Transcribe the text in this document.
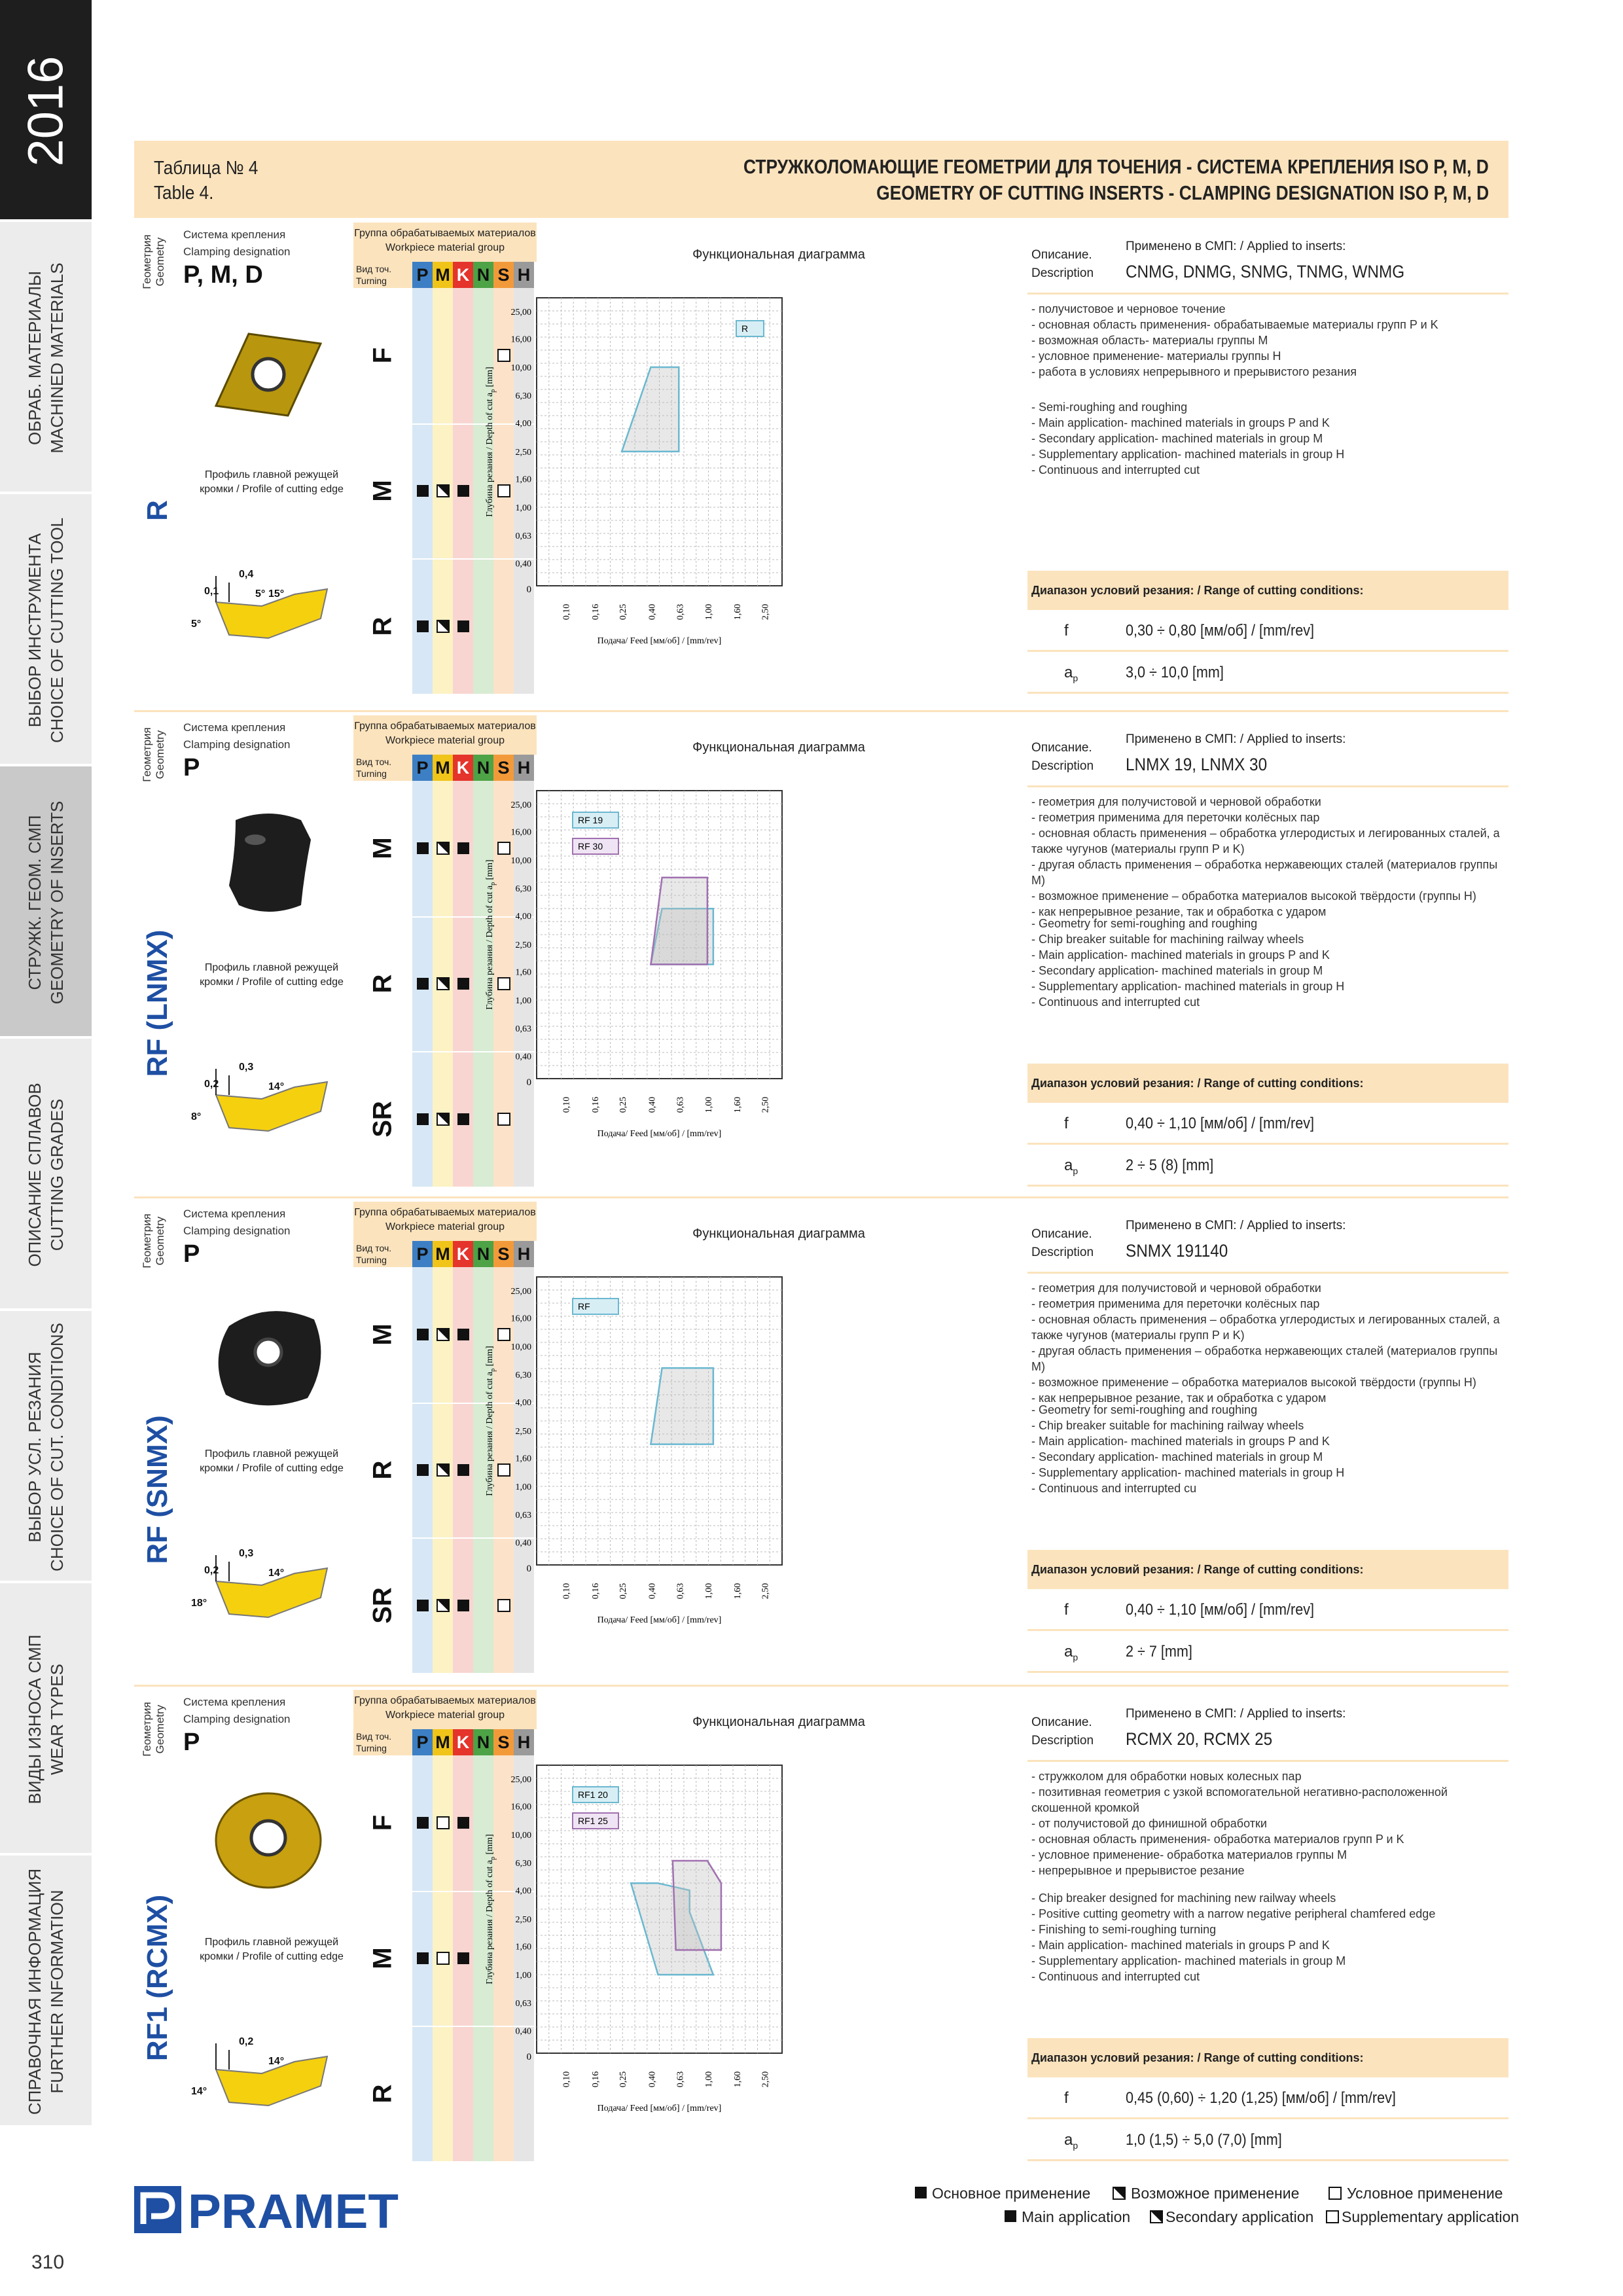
2016
ОБРАБ. МАТЕРИАЛЫ MACHINED MATERIALS
ВЫБОР ИНСТРУМЕНТА CHOICE OF CUTTING TOOL
СТРУЖК. ГЕОМ. СМП GEOMETRY OF INSERTS
ОПИСАНИЕ СПЛАВОВ CUTTING GRADES
ВЫБОР УСЛ. РЕЗАНИЯ CHOICE OF CUT. CONDITIONS
ВИДЫ ИЗНОСА СМП WEAR TYPES
СПРАВОЧНАЯ ИНФОРМАЦИЯ FURTHER INFORMATION
310
Таблица № 4
Table 4.
СТРУЖКОЛОМАЮЩИЕ ГЕОМЕТРИИ ДЛЯ ТОЧЕНИЯ - СИСТЕМА КРЕПЛЕНИЯ ISO P, M, D
GEOMETRY OF CUTTING INSERTS - CLAMPING DESIGNATION ISO P, M, D
Геометрия
Geometry
R
Система крепления
Clamping designation
P, M, D
Профиль главной режущей
кромки / Profile of cutting edge
0,4
0,1
5°
15°
5°
Группа обрабатываемых материалов
Workpiece material group
Вид точ.
Turning	P M K N S H
F
M
R
Функциональная диаграмма
0,10 0,16 0,25 0,40 0,63 1,00 1,60 2,50
0
25,00
16,00
10,00
6,30
4,00
2,50
1,60
1,00
0,63
0,40
Глубина резания / Depth of cut $a_p$ [mm]
Подача/ Feed [мм/об] / [mm/rev]
R
Описание.
Description
Применено в СМП: / Applied to inserts:
CNMG, DNMG, SNMG, TNMG, WNMG
- получистовое и черновое точение
- основная область применения- обрабатываемые материалы групп P и K
- возможная область- материалы группы M
- условное применение- материалы группы H
- работа в условиях непрерывного и прерывистого резания
- Semi-roughing and roughing
- Main application- machined materials in groups P and K
- Secondary application- machined materials in group M
- Supplementary application- machined materials in group H
- Continuous and interrupted cut
Диапазон условий резания: / Range of cutting conditions:
f	0,30 ÷ 0,80 [мм/об] / [mm/rev]
$a_p$	3,0 ÷ 10,0 [mm]
Геометрия
Geometry
RF (LNMX)
Система крепления
Clamping designation
P
Профиль главной режущей
кромки / Profile of cutting edge
0,3
0,2
8°
14°
Группа обрабатываемых материалов
Workpiece material group
Вид точ.
Turning	P M K N S H
M
R
SR
Функциональная диаграмма
0,10 0,16 0,25 0,40 0,63 1,00 1,60 2,50
0
25,00
16,00
10,00
6,30
4,00
2,50
1,60
1,00
0,63
0,40
Глубина резания / Depth of cut $a_p$ [mm]
Подача/ Feed [мм/об] / [mm/rev]
RF 19
RF 30
Описание.
Description
Применено в СМП: / Applied to inserts:
LNMX 19, LNMX 30
- геометрия для получистовой и черновой обработки
- геометрия применима для переточки колёсных пар
- основная область применения – обработка углеродистых и легированных сталей, а также чугунов (материалы групп P и K)
- другая область применения – обработка нержавеющих сталей (материалов группы M)
- возможное применение – обработка материалов высокой твёрдости (группы H)
- как непрерывное резание, так и обработка с ударом
- Geometry for semi-roughing and roughing
- Chip breaker suitable for machining railway wheels
- Main application- machined materials in groups P and K
- Secondary application- machined materials in group M
- Supplementary application- machined materials in group H
- Continuous and interrupted cut
Диапазон условий резания: / Range of cutting conditions:
f	0,40 ÷ 1,10 [мм/об] / [mm/rev]
$a_p$	2 ÷ 5 (8) [mm]
Геометрия
Geometry
RF (SNMX)
Система крепления
Clamping designation
P
Профиль главной режущей
кромки / Profile of cutting edge
0,3
0,2
18°
14°
Группа обрабатываемых материалов
Workpiece material group
Вид точ.
Turning	P M K N S H
M
R
SR
Функциональная диаграмма
0,10 0,16 0,25 0,40 0,63 1,00 1,60 2,50
0
25,00
16,00
10,00
6,30
4,00
2,50
1,60
1,00
0,63
0,40
Глубина резания / Depth of cut $a_p$ [mm]
Подача/ Feed [мм/об] / [mm/rev]
RF
Описание.
Description
Применено в СМП: / Applied to inserts:
SNMX 191140
- геометрия для получистовой и черновой обработки
- геометрия применима для переточки колёсных пар
- основная область применения – обработка углеродистых и легированных сталей, а также чугунов (материалы групп P и K)
- другая область применения – обработка нержавеющих сталей (материалов группы M)
- возможное применение – обработка материалов высокой твёрдости (группы H)
- как непрерывное резание, так и обработка с ударом
- Geometry for semi-roughing and roughing
- Chip breaker suitable for machining railway wheels
- Main application- machined materials in groups P and K
- Secondary application- machined materials in group M
- Supplementary application- machined materials in group H
- Continuous and interrupted cu
Диапазон условий резания: / Range of cutting conditions:
f	0,40 ÷ 1,10 [мм/об] / [mm/rev]
$a_p$	2 ÷ 7 [mm]
Геометрия
Geometry
RF1 (RCMX)
Система крепления
Clamping designation
P
Профиль главной режущей
кромки / Profile of cutting edge
0,2
14°
14°
Группа обрабатываемых материалов
Workpiece material group
Вид точ.
Turning	P M K N S H
F
M
R
Функциональная диаграмма
0,10 0,16 0,25 0,40 0,63 1,00 1,60 2,50
0
25,00
16,00
10,00
6,30
4,00
2,50
1,60
1,00
0,63
0,40
Глубина резания / Depth of cut $a_p$ [mm]
Подача/ Feed [мм/об] / [mm/rev]
RF1 20
RF1 25
Описание.
Description
Применено в СМП: / Applied to inserts:
RCMX 20, RCMX 25
- стружколом для обработки новых колесных пар
- позитивная геометрия с узкой вспомогательной негативно-расположенной скошенной кромкой
- от получистовой до финишной обработки
- основная область применения- обработка материалов групп P и K
- условное применение- обработка материалов группы M
- непрерывное и прерывистое резание
- Chip breaker designed for machining new railway wheels
- Positive cutting geometry with a narrow negative peripheral chamfered edge
- Finishing to semi-roughing turning
- Main application- machined materials in groups P and K
- Supplementary application- machined materials in group M
- Continuous and interrupted cut
Диапазон условий резания: / Range of cutting conditions:
f	0,45 (0,60) ÷ 1,20 (1,25) [мм/об] / [mm/rev]
$a_p$	1,0 (1,5) ÷ 5,0 (7,0) [mm]
PRAMET	Основное применение	Возможное применение	Условное применение
Main application	Secondary application	Supplementary application
